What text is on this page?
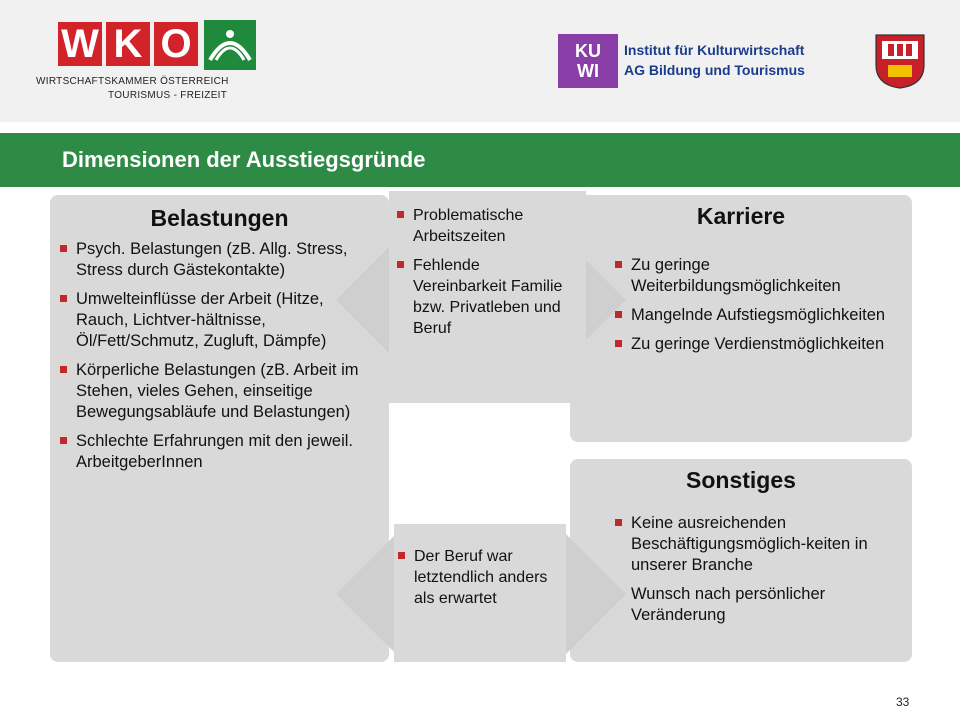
W K O
WIRTSCHAFTSKAMMER ÖSTERREICH
TOURISMUS - FREIZEIT
KU
WI
Institut für Kulturwirtschaft
AG Bildung und Tourismus
Dimensionen der Ausstiegsgründe
Belastungen
Psych. Belastungen (zB. Allg. Stress, Stress durch Gästekontakte)
Umwelteinflüsse der Arbeit (Hitze, Rauch, Lichtver-hältnisse, Öl/Fett/Schmutz, Zugluft, Dämpfe)
Körperliche Belastungen (zB. Arbeit im Stehen, vieles Gehen, einseitige Bewegungsabläufe und Belastungen)
Schlechte Erfahrungen mit den jeweil. ArbeitgeberInnen
Karriere
Zu geringe Weiterbildungsmöglichkeiten
Mangelnde Aufstiegsmöglichkeiten
Zu geringe Verdienstmöglichkeiten
Sonstiges
Keine ausreichenden Beschäftigungsmöglich-keiten in unserer Branche
Wunsch nach persönlicher Veränderung
Problematische Arbeitszeiten
Fehlende Vereinbarkeit Familie bzw. Privatleben und Beruf
Der Beruf war letztendlich anders als erwartet
33
